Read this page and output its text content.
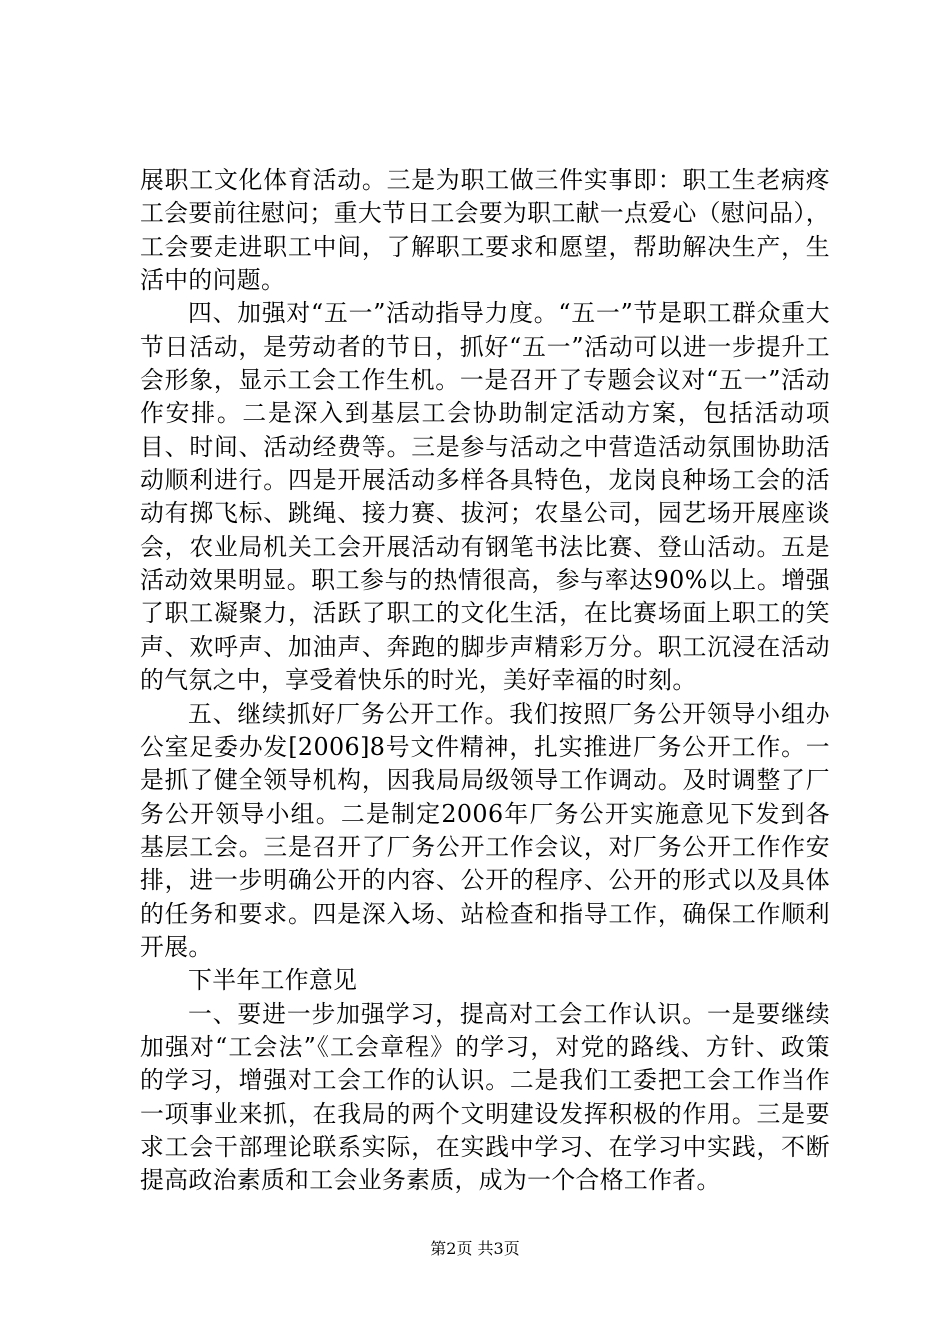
展职工文化体育活动。三是为职工做三件实事即：职工生老病疼工会要前往慰问；重大节日工会要为职工献一点爱心（慰问品），工会要走进职工中间，了解职工要求和愿望，帮助解决生产，生活中的问题。

四、加强对“五一”活动指导力度。“五一”节是职工群众重大节日活动，是劳动者的节日，抓好“五一”活动可以进一步提升工会形象，显示工会工作生机。一是召开了专题会议对“五一”活动作安排。二是深入到基层工会协助制定活动方案，包括活动项目、时间、活动经费等。三是参与活动之中营造活动氛围协助活动顺利进行。四是开展活动多样各具特色，龙岗良种场工会的活动有掷飞标、跳绳、接力赛、拔河；农垦公司，园艺场开展座谈会，农业局机关工会开展活动有钢笔书法比赛、登山活动。五是活动效果明显。职工参与的热情很高，参与率达90%以上。增强了职工凝聚力，活跃了职工的文化生活，在比赛场面上职工的笑声、欢呼声、加油声、奔跑的脚步声精彩万分。职工沉浸在活动的气氛之中，享受着快乐的时光，美好幸福的时刻。

五、继续抓好厂务公开工作。我们按照厂务公开领导小组办公室足委办发[2006]8号文件精神，扎实推进厂务公开工作。一是抓了健全领导机构，因我局局级领导工作调动。及时调整了厂务公开领导小组。二是制定2006年厂务公开实施意见下发到各基层工会。三是召开了厂务公开工作会议，对厂务公开工作作安排，进一步明确公开的内容、公开的程序、公开的形式以及具体的任务和要求。四是深入场、站检查和指导工作，确保工作顺利开展。

下半年工作意见

一、要进一步加强学习，提高对工会工作认识。一是要继续加强对“工会法”《工会章程》的学习，对党的路线、方针、政策的学习，增强对工会工作的认识。二是我们工委把工会工作当作一项事业来抓，在我局的两个文明建设发挥积极的作用。三是要求工会干部理论联系实际，在实践中学习、在学习中实践，不断提高政治素质和工会业务素质，成为一个合格工作者。

第2页 共3页
